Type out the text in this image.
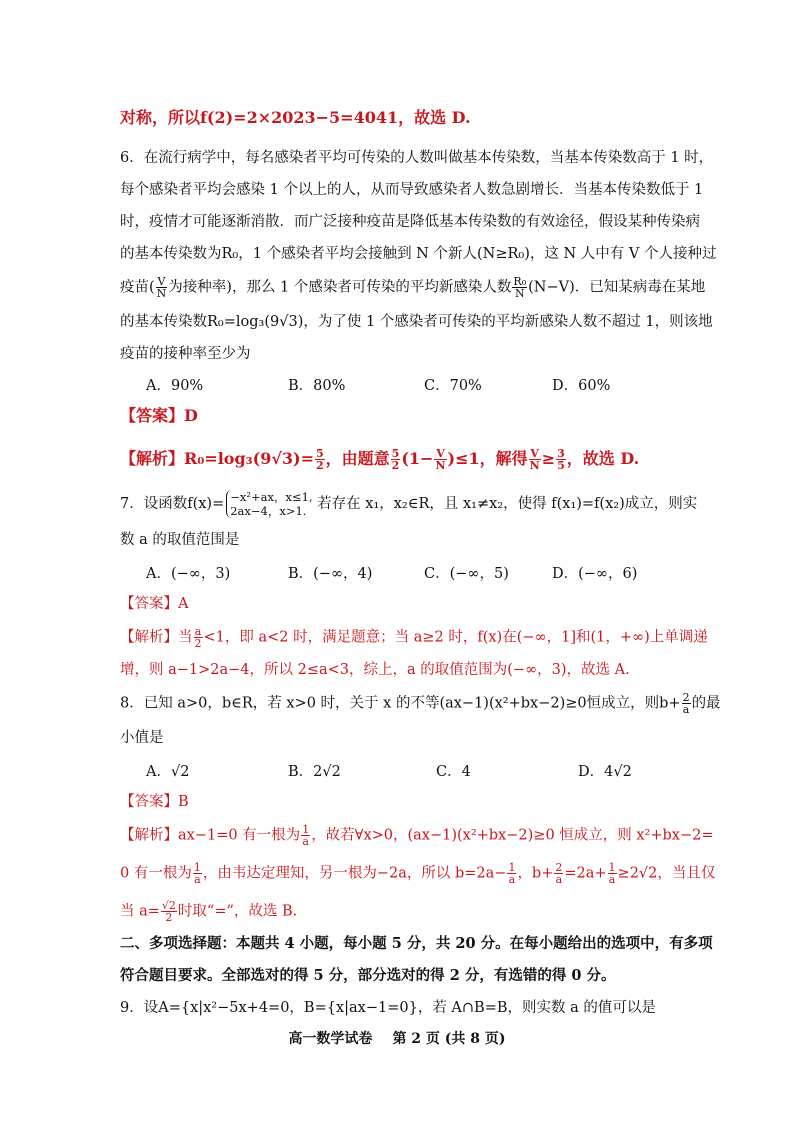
对称，所以f(2)=2×2023−5=4041，故选 D.
6．在流行病学中，每名感染者平均可传染的人数叫做基本传染数，当基本传染数高于 1 时，
每个感染者平均会感染 1 个以上的人，从而导致感染者人数急剧增长．当基本传染数低于 1
时，疫情才可能逐渐消散．而广泛接种疫苗是降低基本传染数的有效途径，假设某种传染病
的基本传染数为R₀，1 个感染者平均会接触到 N 个新人(N≥R₀)，这 N 人中有 V 个人接种过
疫苗( $\frac{V}{N}$ 为接种率)，那么 1 个感染者可传染的平均新感染人数 $\frac{\text{R₀}}{N} (N-V)$．已知某病毒在某地
的基本传染数R₀=log₃(9√3)，为了使 1 个感染者可传染的平均新感染人数不超过 1，则该地
疫苗的接种率至少为
A．90%	B．80%	C．70%	D．60%
【答案】D
【解析】$R_0=\log_3(9√3)= \frac{5}{2}$ ，由题意 $\frac{5}{2} (1- \frac{V}{N} )\le 1$，解得 $\frac{V}{N} \ge \frac{3}{5}$ ，故选 D.
7．设函数f(x)= −x²+ax，x≤1,
2ax−4，x>1. 若存在 x₁，x₂∈R，且 x₁≠x₂，使得 f(x₁)=f(x₂)成立，则实
数 a 的取值范围是
A．(−∞，3)	B．(−∞，4)	C．(−∞，5)	D．(−∞，6)
【答案】A
【解析】当 $\frac{a}{2} <1$，即 a<2 时，满足题意；当 a≥2 时，f(x)在(−∞，1]和(1，+∞)上单调递
增，则 a−1>2a−4，所以 2≤a<3，综上，a 的取值范围为(−∞，3)，故选 A.
8．已知 a>0，b∈R，若 x>0 时，关于 x 的不等(ax−1)(x²+bx−2)≥0恒成立，则$b+ \frac{2}{a}$ 的最
小值是
A．√2	B．2√2	C．4	D．4√2
【答案】B
【解析】ax−1=0 有一根为 $\frac{1}{a}$ ，故若∀x>0，(ax−1)(x²+bx−2)≥0 恒成立，则 x²+bx−2=
0 有一根为 $\frac{1}{a}$ ，由韦达定理知，另一根为−2a，所以 $b=2a- \frac{1}{a}$ ，$b+ \frac{2}{a} =2a+ \frac{1}{a} \ge 2√2$，当且仅
当 $a= \frac{√2}{2}$ 时取“=”，故选 B.
二、多项选择题：本题共 4 小题，每小题 5 分，共 20 分。在每小题给出的选项中，有多项
符合题目要求。全部选对的得 5 分，部分选对的得 2 分，有选错的得 0 分。
9．设A={x|x²−5x+4=0，B={x|ax−1=0}，若 A∩B=B，则实数 a 的值可以是
高一数学试卷 第 2 页 (共 8 页)
